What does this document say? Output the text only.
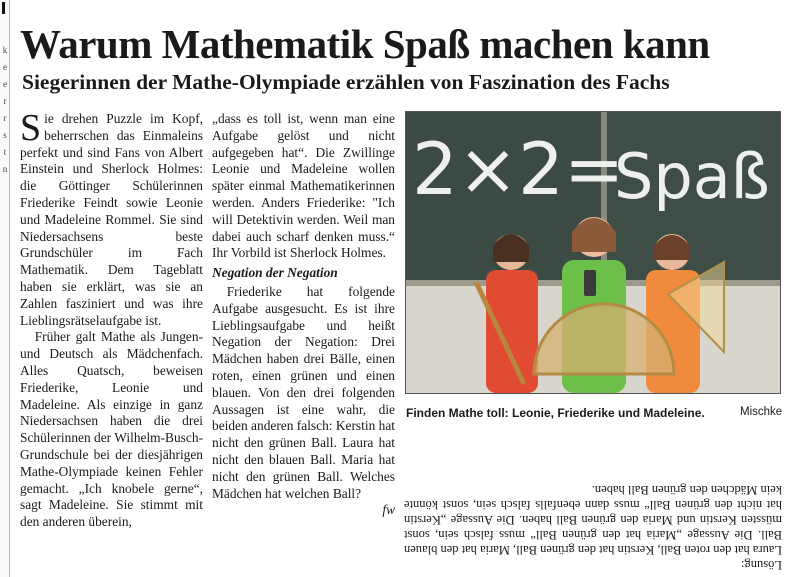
k e e r r s t n
Warum Mathematik Spaß machen kann
Siegerinnen der Mathe-Olympiade erzählen von Faszination des Fachs

Sie drehen Puzzle im Kopf, beherrschen das Einmaleins perfekt und sind Fans von Albert Einstein und Sherlock Holmes: die Göttinger Schülerinnen Friederike Feindt sowie Leonie und Madeleine Rommel. Sie sind Niedersachsens beste Grundschüler im Fach Mathematik. Dem Tageblatt haben sie erklärt, was sie an Zahlen fasziniert und was ihre Lieblingsrätselaufgabe ist.

Früher galt Mathe als Jungen- und Deutsch als Mädchenfach. Alles Quatsch, beweisen Friederike, Leonie und Madeleine. Als einzige in ganz Niedersachsen haben die drei Schülerinnen der Wilhelm-Busch-Grundschule bei der diesjährigen Mathe-Olympiade keinen Fehler gemacht. „Ich knobele gerne“, sagt Madeleine. Sie stimmt mit den anderen überein,

„dass es toll ist, wenn man eine Aufgabe gelöst und nicht aufgegeben hat“. Die Zwillinge Leonie und Madeleine wollen später einmal Mathematikerinnen werden. Anders Friederike: "Ich will Detektivin werden. Weil man dabei auch scharf denken muss.“ Ihr Vorbild ist Sherlock Holmes.

Negation der Negation

Friederike hat folgende Aufgabe ausgesucht. Es ist ihre Lieblingsaufgabe und heißt Negation der Negation: Drei Mädchen haben drei Bälle, einen roten, einen grünen und einen blauen. Von den drei folgenden Aussagen ist eine wahr, die beiden anderen falsch: Kerstin hat nicht den grünen Ball. Laura hat nicht den blauen Ball. Maria hat nicht den grünen Ball. Welches Mädchen hat welchen Ball?

fw

2×2=
Spaß

Finden Mathe toll: Leonie, Friederike und Madeleine.	Mischke

Lösung:

Laura hat den roten Ball, Kerstin hat den grünen Ball, Maria hat den blauen Ball. Die Aussage „Maria hat den grünen Ball“ muss falsch sein, sonst müssten Kerstin und Maria den grünen Ball haben. Die Aussage „Kerstin hat nicht den grünen Ball“ muss dann ebenfalls falsch sein, sonst könnte kein Mädchen den grünen Ball haben.
